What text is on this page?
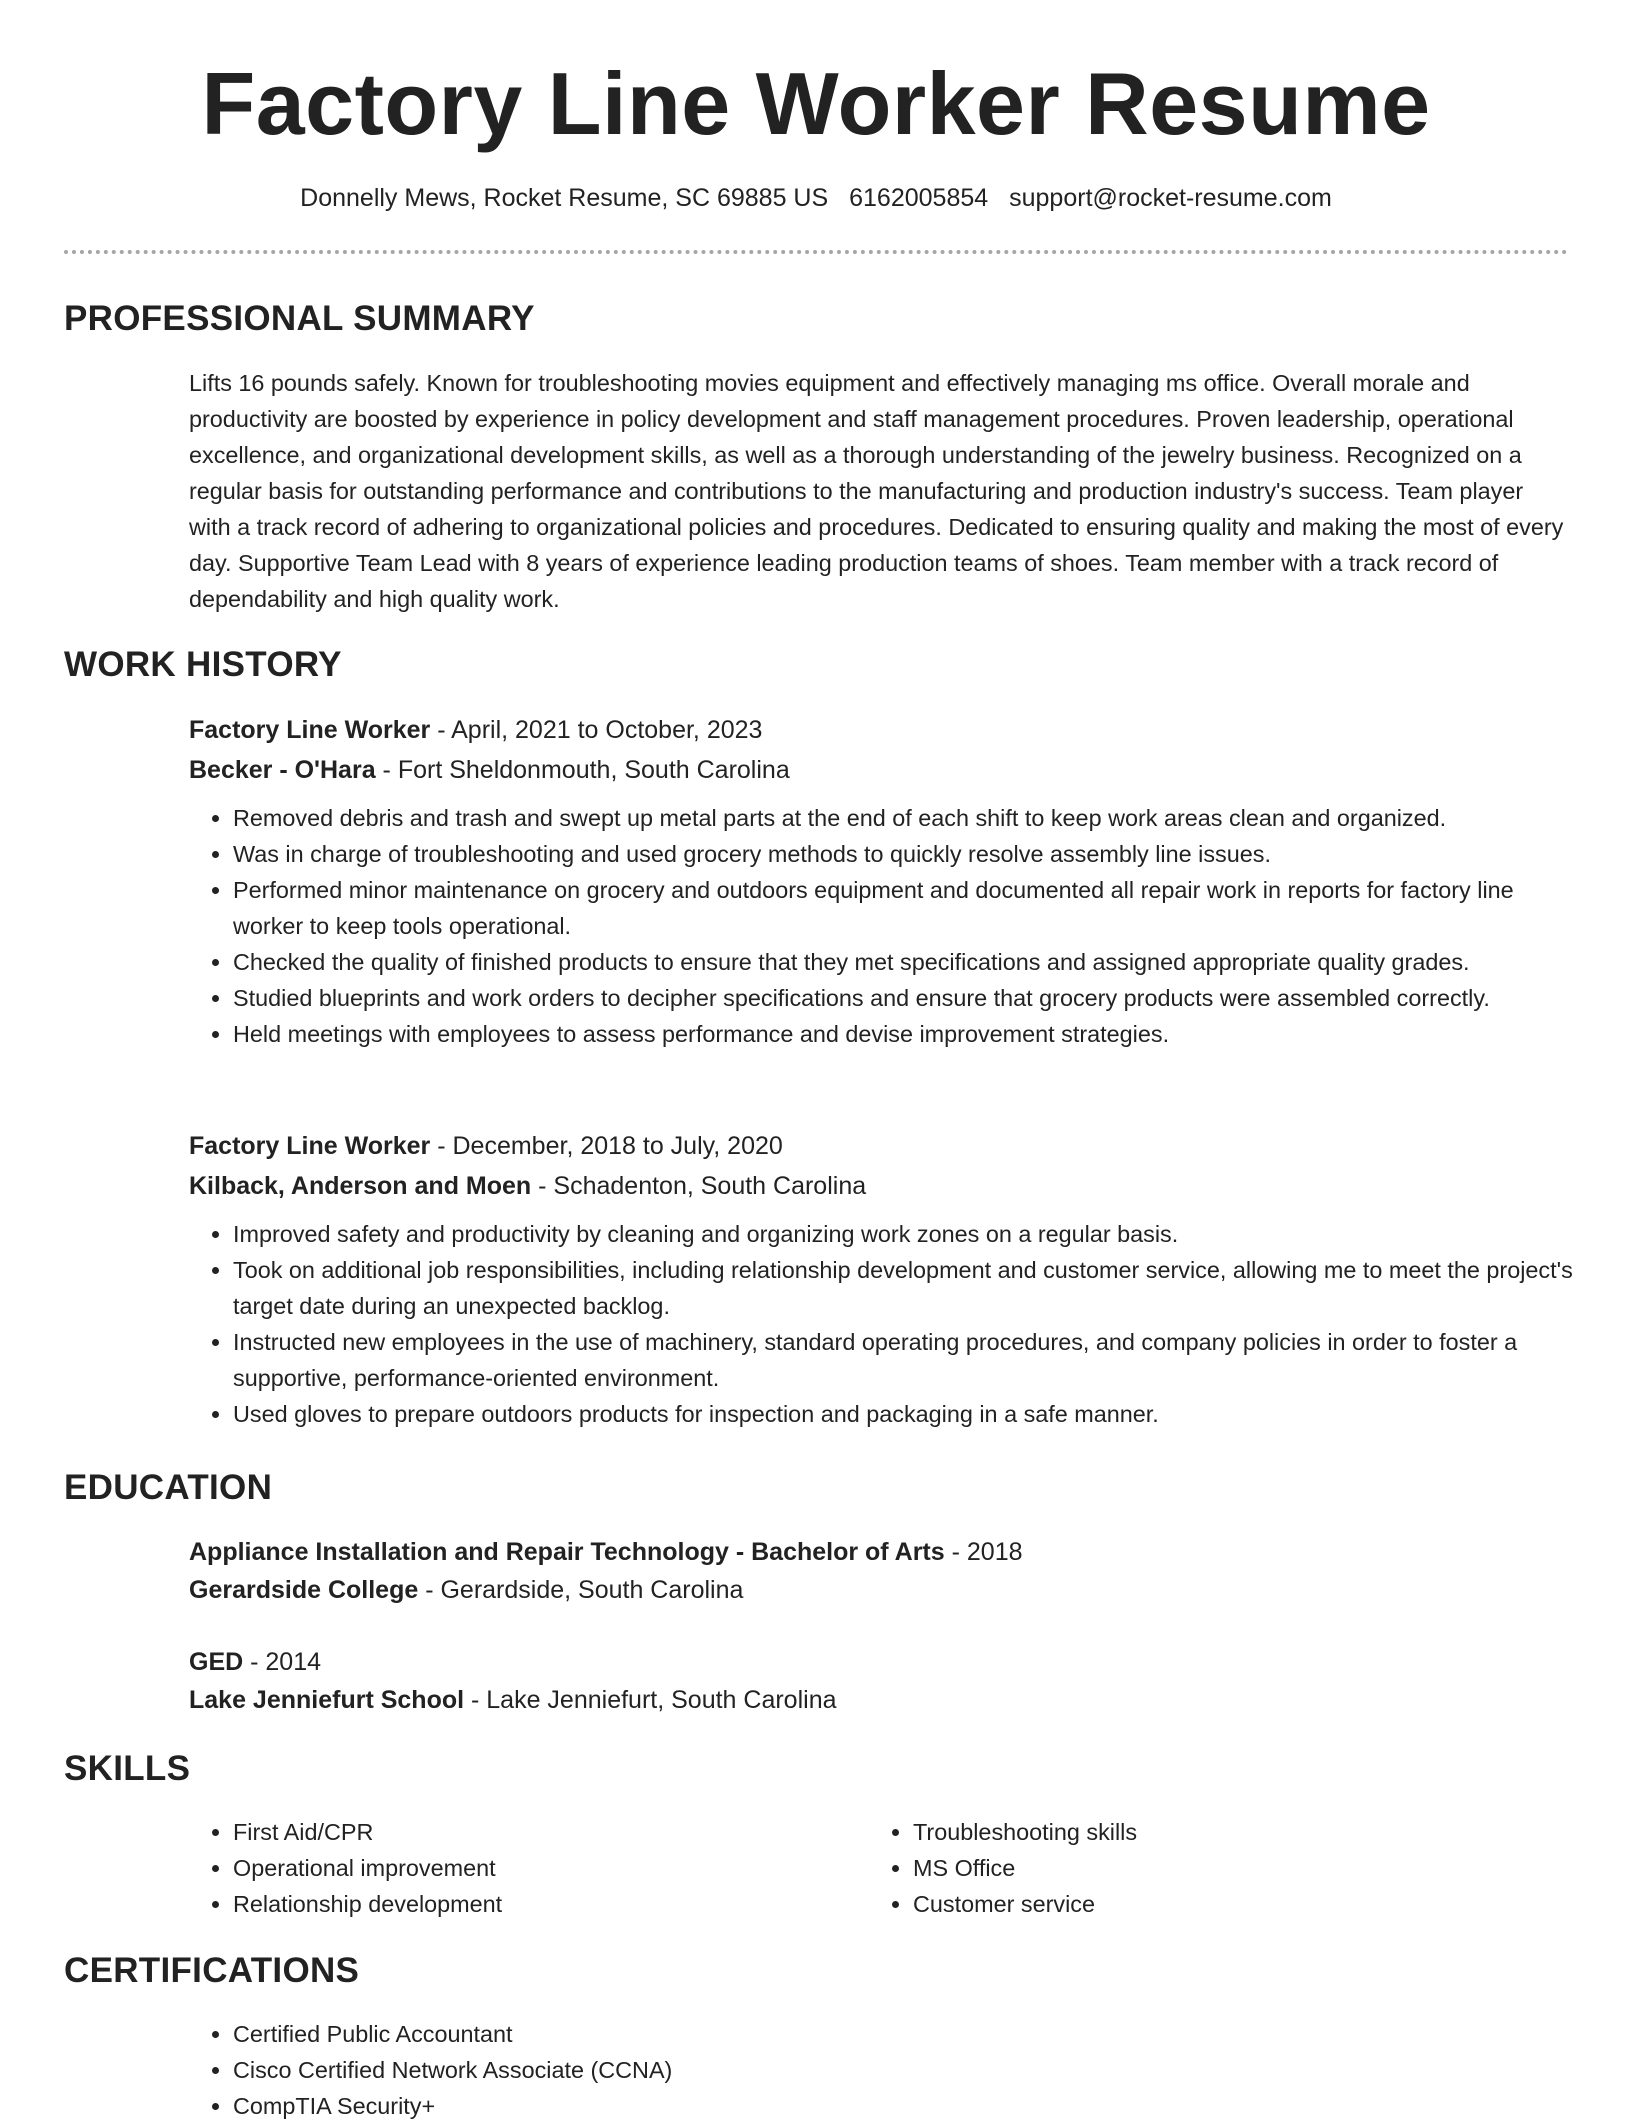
Factory Line Worker Resume
Donnelly Mews, Rocket Resume, SC 69885 US 6162005854 support@rocket-resume.com
PROFESSIONAL SUMMARY

Lifts 16 pounds safely. Known for troubleshooting movies equipment and effectively managing ms office. Overall morale and productivity are boosted by experience in policy development and staff management procedures. Proven leadership, operational excellence, and organizational development skills, as well as a thorough understanding of the jewelry business. Recognized on a regular basis for outstanding performance and contributions to the manufacturing and production industry's success. Team player with a track record of adhering to organizational policies and procedures. Dedicated to ensuring quality and making the most of every day. Supportive Team Lead with 8 years of experience leading production teams of shoes. Team member with a track record of dependability and high quality work.

WORK HISTORY
Factory Line Worker - April, 2021 to October, 2023
Becker - O'Hara - Fort Sheldonmouth, South Carolina
• Removed debris and trash and swept up metal parts at the end of each shift to keep work areas clean and organized.
• Was in charge of troubleshooting and used grocery methods to quickly resolve assembly line issues.
• Performed minor maintenance on grocery and outdoors equipment and documented all repair work in reports for factory line worker to keep tools operational.
• Checked the quality of finished products to ensure that they met specifications and assigned appropriate quality grades.
• Studied blueprints and work orders to decipher specifications and ensure that grocery products were assembled correctly.
• Held meetings with employees to assess performance and devise improvement strategies.
Factory Line Worker - December, 2018 to July, 2020
Kilback, Anderson and Moen - Schadenton, South Carolina
• Improved safety and productivity by cleaning and organizing work zones on a regular basis.
• Took on additional job responsibilities, including relationship development and customer service, allowing me to meet the project's target date during an unexpected backlog.
• Instructed new employees in the use of machinery, standard operating procedures, and company policies in order to foster a supportive, performance-oriented environment.
• Used gloves to prepare outdoors products for inspection and packaging in a safe manner.
EDUCATION
Appliance Installation and Repair Technology - Bachelor of Arts - 2018
Gerardside College - Gerardside, South Carolina
GED - 2014
Lake Jenniefurt School - Lake Jenniefurt, South Carolina
SKILLS
• First Aid/CPR
• Operational improvement
• Relationship development
• Troubleshooting skills
• MS Office
• Customer service
CERTIFICATIONS
• Certified Public Accountant
• Cisco Certified Network Associate (CCNA)
• CompTIA Security+
